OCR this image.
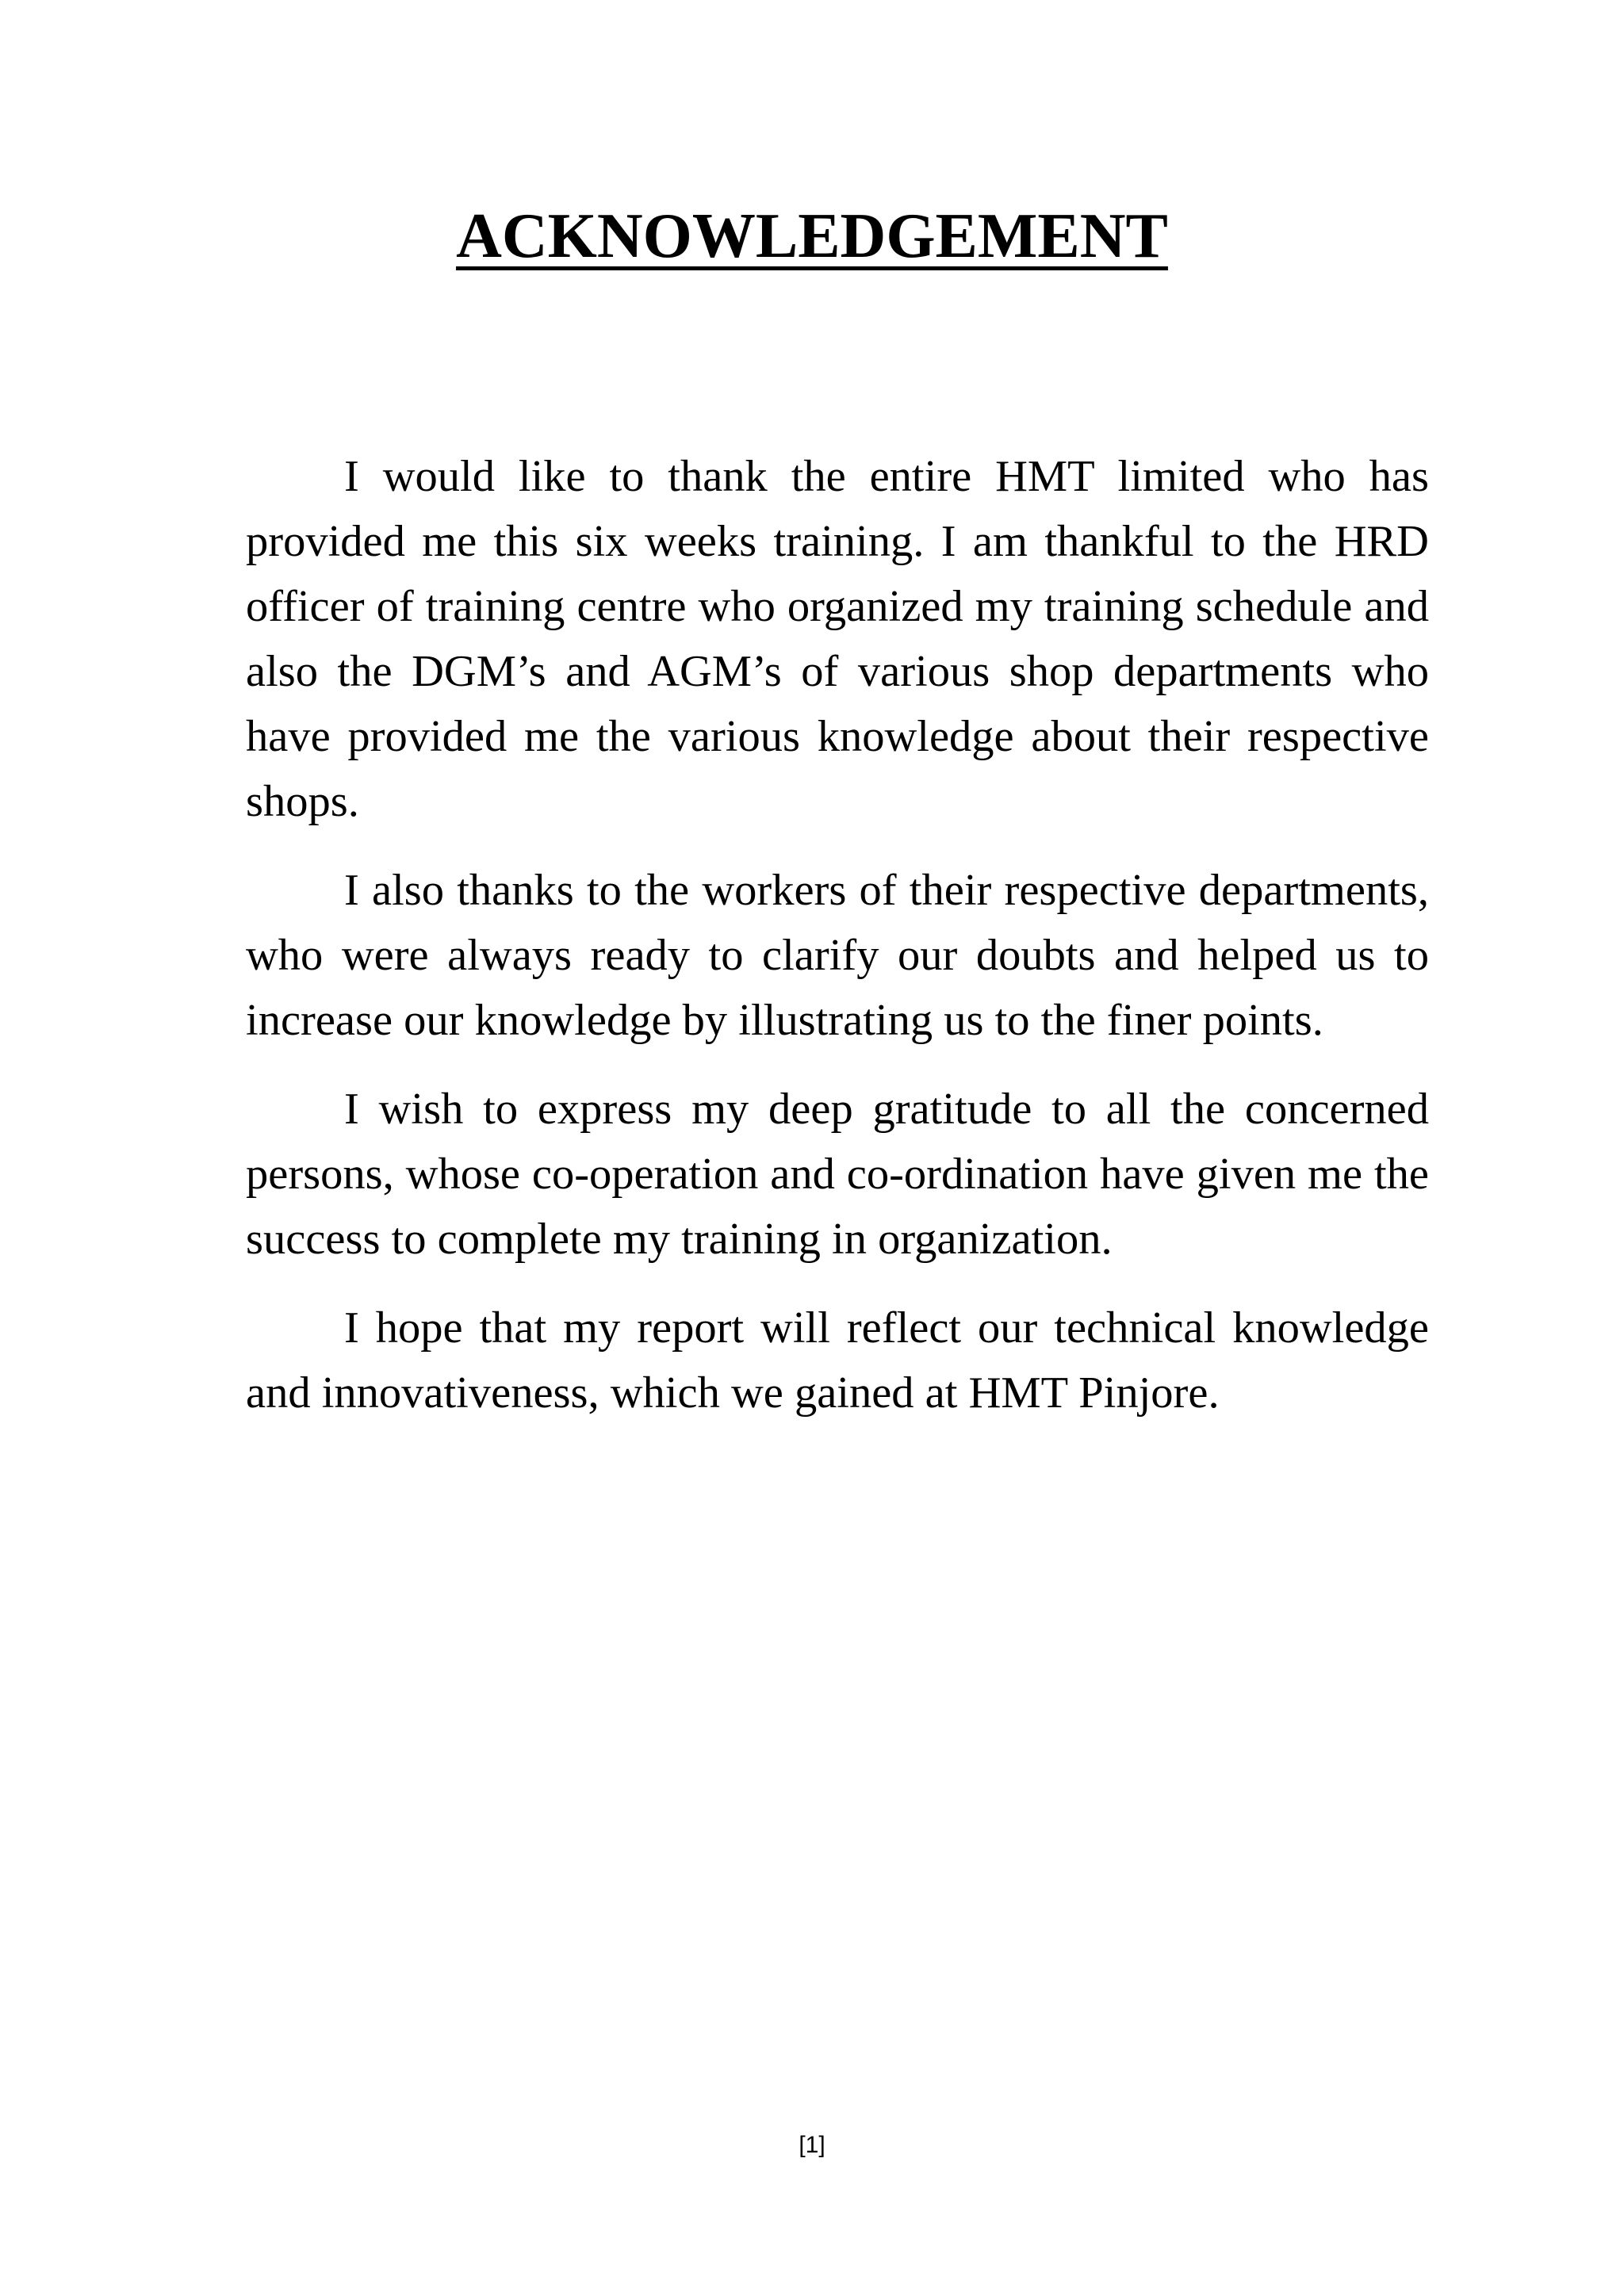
ACKNOWLEDGEMENT

I would like to thank the entire HMT limited who has provided me this six weeks training. I am thankful to the HRD officer of training centre who organized my training schedule and also the DGM’s and AGM’s of various shop departments who have provided me the various knowledge about their respective shops.

I also thanks to the workers of their respective departments, who were always ready to clarify our doubts and helped us to increase our knowledge by illustrating us to the finer points.

I wish to express my deep gratitude to all the concerned persons, whose co-operation and co-ordination have given me the success to complete my training in organization.

I hope that my report will reflect our technical knowledge and innovativeness, which we gained at HMT Pinjore.

[1]
